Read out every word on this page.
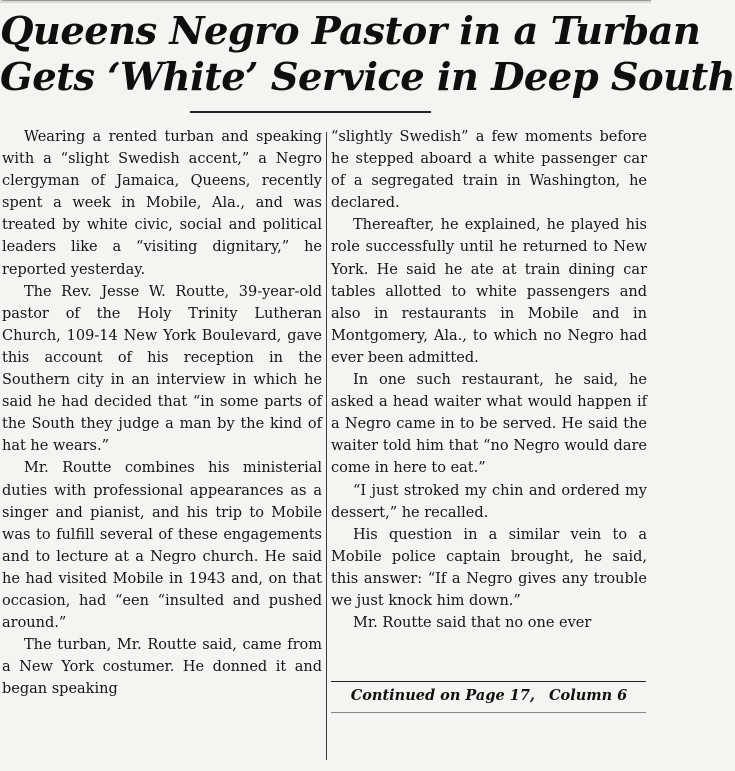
Queens Negro Pastor in a Turban
Gets ‘White’ Service in Deep South

Wearing a rented turban and speaking with a “slight Swedish accent,” a Negro clergyman of Jamaica, Queens, recently spent a week in Mobile, Ala., and was treated by white civic, social and political leaders like a “visiting dignitary,” he reported yesterday.

The Rev. Jesse W. Routte, 39-year-old pastor of the Holy Trinity Lutheran Church, 109-14 New York Boulevard, gave this account of his reception in the Southern city in an interview in which he said he had decided that “in some parts of the South they judge a man by the kind of hat he wears.”

Mr. Routte combines his ministerial duties with professional appearances as a singer and pianist, and his trip to Mobile was to fulfill several of these engagements and to lecture at a Negro church. He said he had visited Mobile in 1943 and, on that occasion, had “een “insulted and pushed around.”

The turban, Mr. Routte said, came from a New York costumer. He donned it and began speaking

“slightly Swedish” a few moments before he stepped aboard a white passenger car of a segregated train in Washington, he declared.

Thereafter, he explained, he played his role successfully until he returned to New York. He said he ate at train dining car tables allotted to white passengers and also in restaurants in Mobile and in Montgomery, Ala., to which no Negro had ever been admitted.

In one such restaurant, he said, he asked a head waiter what would happen if a Negro came in to be served. He said the waiter told him that “no Negro would dare come in here to eat.”

“I just stroked my chin and ordered my dessert,” he recalled.

His question in a similar vein to a Mobile police captain brought, he said, this answer: “If a Negro gives any trouble we just knock him down.”

Mr. Routte said that no one ever

Continued on Page 17, Column 6
